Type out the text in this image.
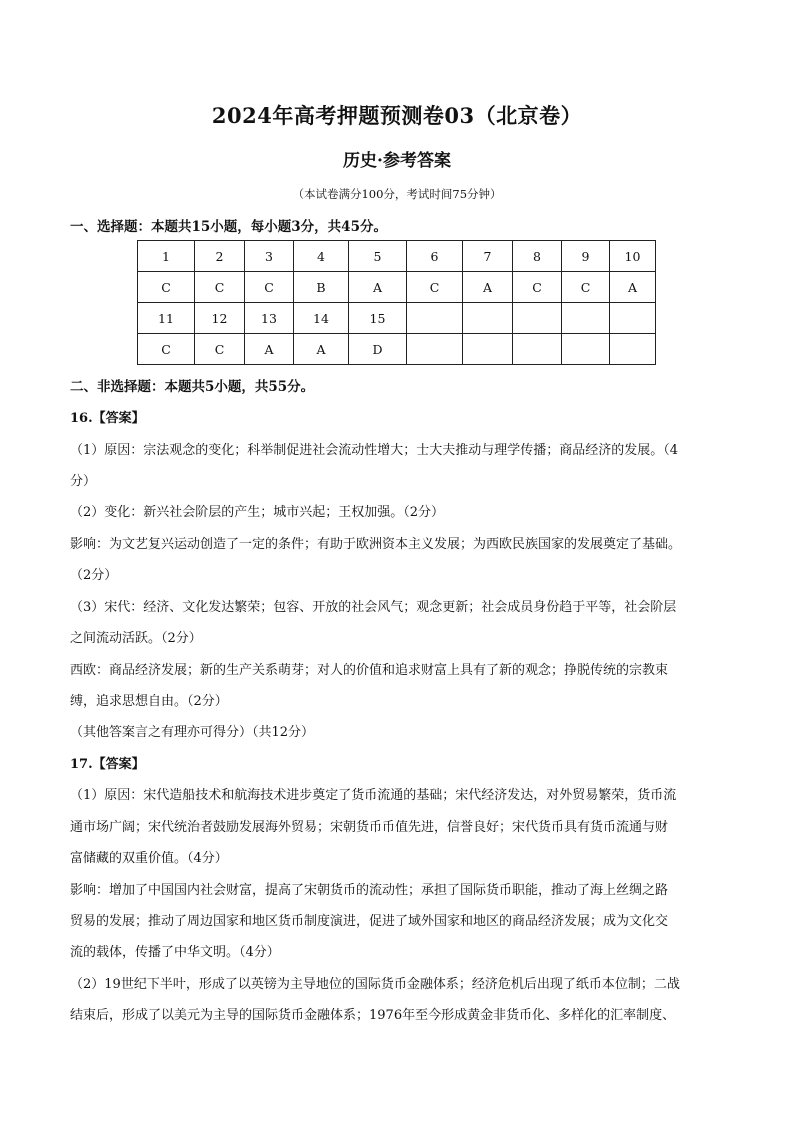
2024年高考押题预测卷03（北京卷）
历史·参考答案
（本试卷满分100分，考试时间75分钟）
一、选择题：本题共15小题，每小题3分，共45分。
1	2	3	4	5	6	7	8	9	10
C	C	C	B	A	C	A	C	C	A
11	12	13	14	15					
C	C	A	A	D					
二、非选择题：本题共5小题，共55分。
16.【答案】
（1）原因：宗法观念的变化；科举制促进社会流动性增大；士大夫推动与理学传播；商品经济的发展。（4
分）
（2）变化：新兴社会阶层的产生；城市兴起；王权加强。（2分）
影响：为文艺复兴运动创造了一定的条件；有助于欧洲资本主义发展；为西欧民族国家的发展奠定了基础。
（2分）
（3）宋代：经济、文化发达繁荣；包容、开放的社会风气；观念更新；社会成员身份趋于平等，社会阶层
之间流动活跃。（2分）
西欧：商品经济发展；新的生产关系萌芽；对人的价值和追求财富上具有了新的观念；挣脱传统的宗教束
缚，追求思想自由。（2分）
（其他答案言之有理亦可得分）（共12分）
17.【答案】
（1）原因：宋代造船技术和航海技术进步奠定了货币流通的基础；宋代经济发达，对外贸易繁荣，货币流
通市场广阔；宋代统治者鼓励发展海外贸易；宋朝货币币值先进，信誉良好；宋代货币具有货币流通与财
富储藏的双重价值。（4分）
影响：增加了中国国内社会财富，提高了宋朝货币的流动性；承担了国际货币职能，推动了海上丝绸之路
贸易的发展；推动了周边国家和地区货币制度演进，促进了域外国家和地区的商品经济发展；成为文化交
流的载体，传播了中华文明。（4分）
（2）19世纪下半叶，形成了以英镑为主导地位的国际货币金融体系；经济危机后出现了纸币本位制；二战
结束后，形成了以美元为主导的国际货币金融体系；1976年至今形成黄金非货币化、多样化的汇率制度、
